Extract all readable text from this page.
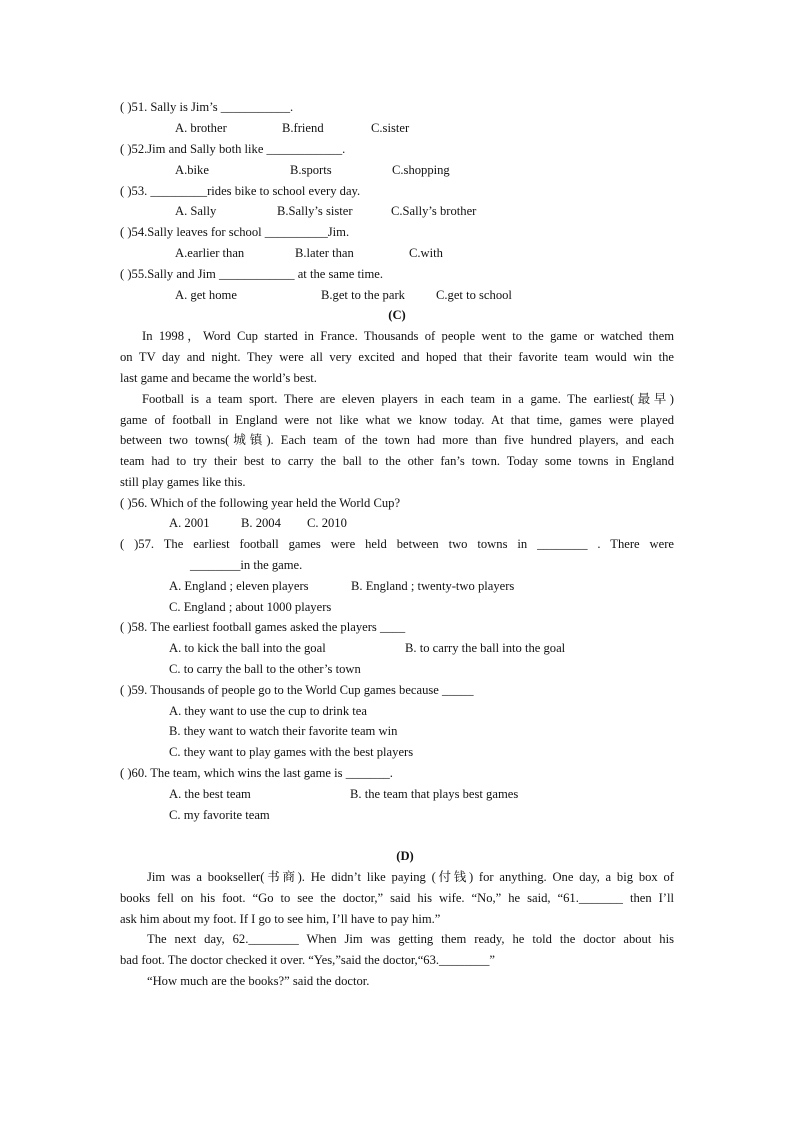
( )51. Sally is Jim’s ___________.
A. brother	B.friend	C.sister
( )52.Jim and Sally both like ____________.
A.bike	B.sports	C.shopping
( )53. _________rides bike to school every day.
A. Sally	B.Sally’s sister	C.Sally’s brother
( )54.Sally leaves for school __________Jim.
A.earlier than	B.later than	C.with
( )55.Sally and Jim ____________ at the same time.
A. get home	B.get to the park C.get to school
(C)
In 1998，Word Cup started in France. Thousands of people went to the game or watched them
on TV day and night. They were all very excited and hoped that their favorite team would win the
last game and became the world’s best.
Football is a team sport. There are eleven players in each team in a game. The earliest(最早)
game of football in England were not like what we know today. At that time, games were played
between two towns(城镇). Each team of the town had more than five hundred players, and each
team had to try their best to carry the ball to the other fan’s town. Today some towns in England
still play games like this.
( )56. Which of the following year held the World Cup?
A. 2001 B. 2004 C. 2010
( )57. The earliest football games were held between two towns in ________ . There were
________in the game.
A. England ; eleven players	B. England ; twenty-two players
C. England ; about 1000 players
( )58. The earliest football games asked the players ____
A. to kick the ball into the goal	B. to carry the ball into the goal
C. to carry the ball to the other’s town
( )59. Thousands of people go to the World Cup games because _____
A. they want to use the cup to drink tea
B. they want to watch their favorite team win
C. they want to play games with the best players
( )60. The team, which wins the last game is _______.
A. the best team	B. the team that plays best games
C. my favorite team
(D)
Jim was a bookseller(书商). He didn’t like paying (付钱) for anything. One day, a big box of
books fell on his foot. “Go to see the doctor,” said his wife. “No,” he said, “61._______ then I’ll
ask him about my foot. If I go to see him, I’ll have to pay him.”
The next day, 62.________ When Jim was getting them ready, he told the doctor about his
bad foot. The doctor checked it over. “Yes,”said the doctor,“63.________”
“How much are the books?” said the doctor.
